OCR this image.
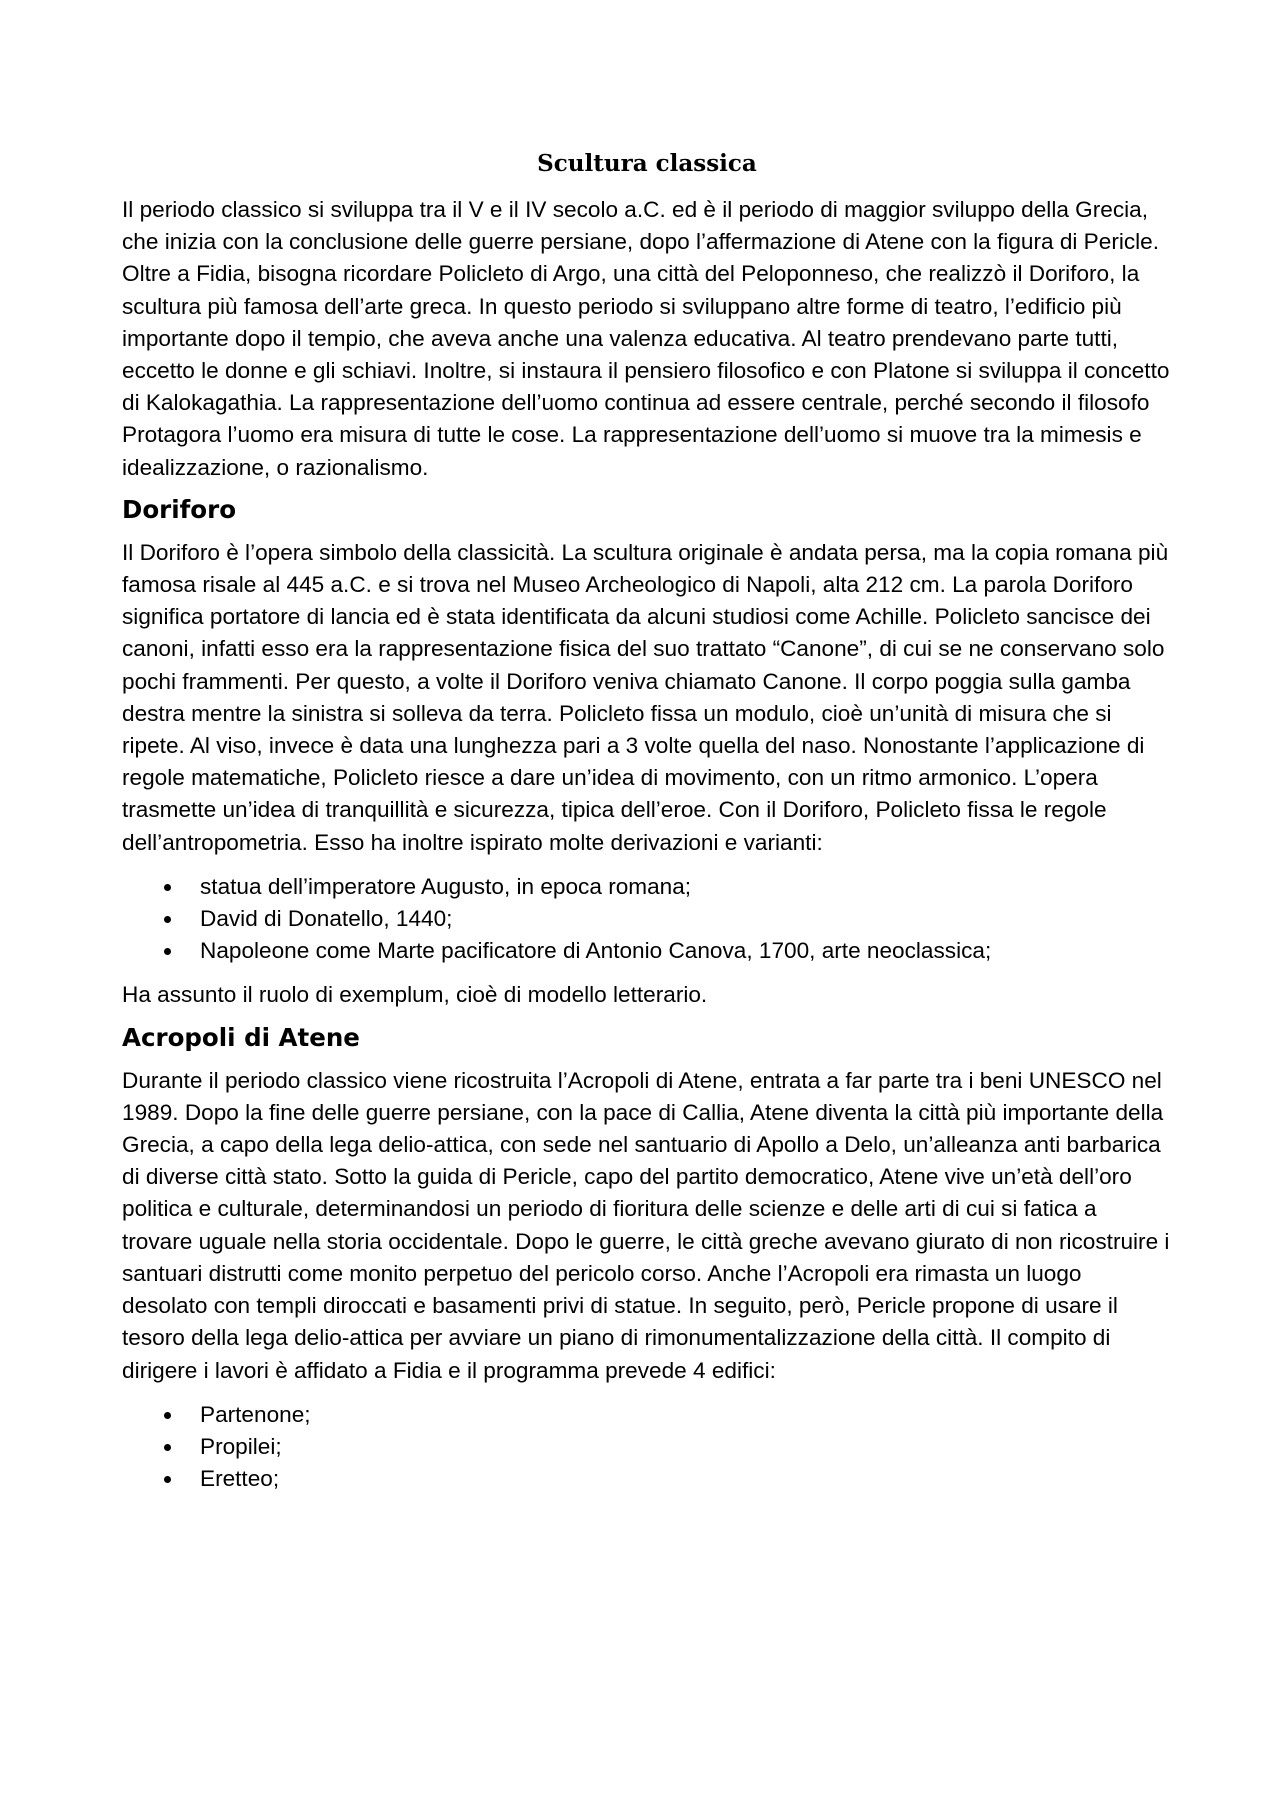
Scultura classica

Il periodo classico si sviluppa tra il V e il IV secolo a.C. ed è il periodo di maggior sviluppo della Grecia, che inizia con la conclusione delle guerre persiane, dopo l’affermazione di Atene con la figura di Pericle. Oltre a Fidia, bisogna ricordare Policleto di Argo, una città del Peloponneso, che realizzò il Doriforo, la scultura più famosa dell’arte greca. In questo periodo si sviluppano altre forme di teatro, l’edificio più importante dopo il tempio, che aveva anche una valenza educativa. Al teatro prendevano parte tutti, eccetto le donne e gli schiavi. Inoltre, si instaura il pensiero filosofico e con Platone si sviluppa il concetto di Kalokagathia. La rappresentazione dell’uomo continua ad essere centrale, perché secondo il filosofo Protagora l’uomo era misura di tutte le cose. La rappresentazione dell’uomo si muove tra la mimesis e idealizzazione, o razionalismo.

Doriforo

Il Doriforo è l’opera simbolo della classicità. La scultura originale è andata persa, ma la copia romana più famosa risale al 445 a.C. e si trova nel Museo Archeologico di Napoli, alta 212 cm. La parola Doriforo significa portatore di lancia ed è stata identificata da alcuni studiosi come Achille. Policleto sancisce dei canoni, infatti esso era la rappresentazione fisica del suo trattato “Canone”, di cui se ne conservano solo pochi frammenti. Per questo, a volte il Doriforo veniva chiamato Canone. Il corpo poggia sulla gamba destra mentre la sinistra si solleva da terra. Policleto fissa un modulo, cioè un’unità di misura che si ripete. Al viso, invece è data una lunghezza pari a 3 volte quella del naso. Nonostante l’applicazione di regole matematiche, Policleto riesce a dare un’idea di movimento, con un ritmo armonico. L’opera trasmette un’idea di tranquillità e sicurezza, tipica dell’eroe. Con il Doriforo, Policleto fissa le regole dell’antropometria. Esso ha inoltre ispirato molte derivazioni e varianti:

statua dell’imperatore Augusto, in epoca romana;
David di Donatello, 1440;
Napoleone come Marte pacificatore di Antonio Canova, 1700, arte neoclassica;

Ha assunto il ruolo di exemplum, cioè di modello letterario.

Acropoli di Atene

Durante il periodo classico viene ricostruita l’Acropoli di Atene, entrata a far parte tra i beni UNESCO nel 1989. Dopo la fine delle guerre persiane, con la pace di Callia, Atene diventa la città più importante della Grecia, a capo della lega delio-attica, con sede nel santuario di Apollo a Delo, un’alleanza anti barbarica di diverse città stato. Sotto la guida di Pericle, capo del partito democratico, Atene vive un’età dell’oro politica e culturale, determinandosi un periodo di fioritura delle scienze e delle arti di cui si fatica a trovare uguale nella storia occidentale. Dopo le guerre, le città greche avevano giurato di non ricostruire i santuari distrutti come monito perpetuo del pericolo corso. Anche l’Acropoli era rimasta un luogo desolato con templi diroccati e basamenti privi di statue. In seguito, però, Pericle propone di usare il tesoro della lega delio-attica per avviare un piano di rimonumentalizzazione della città. Il compito di dirigere i lavori è affidato a Fidia e il programma prevede 4 edifici:

Partenone;
Propilei;
Eretteo;
